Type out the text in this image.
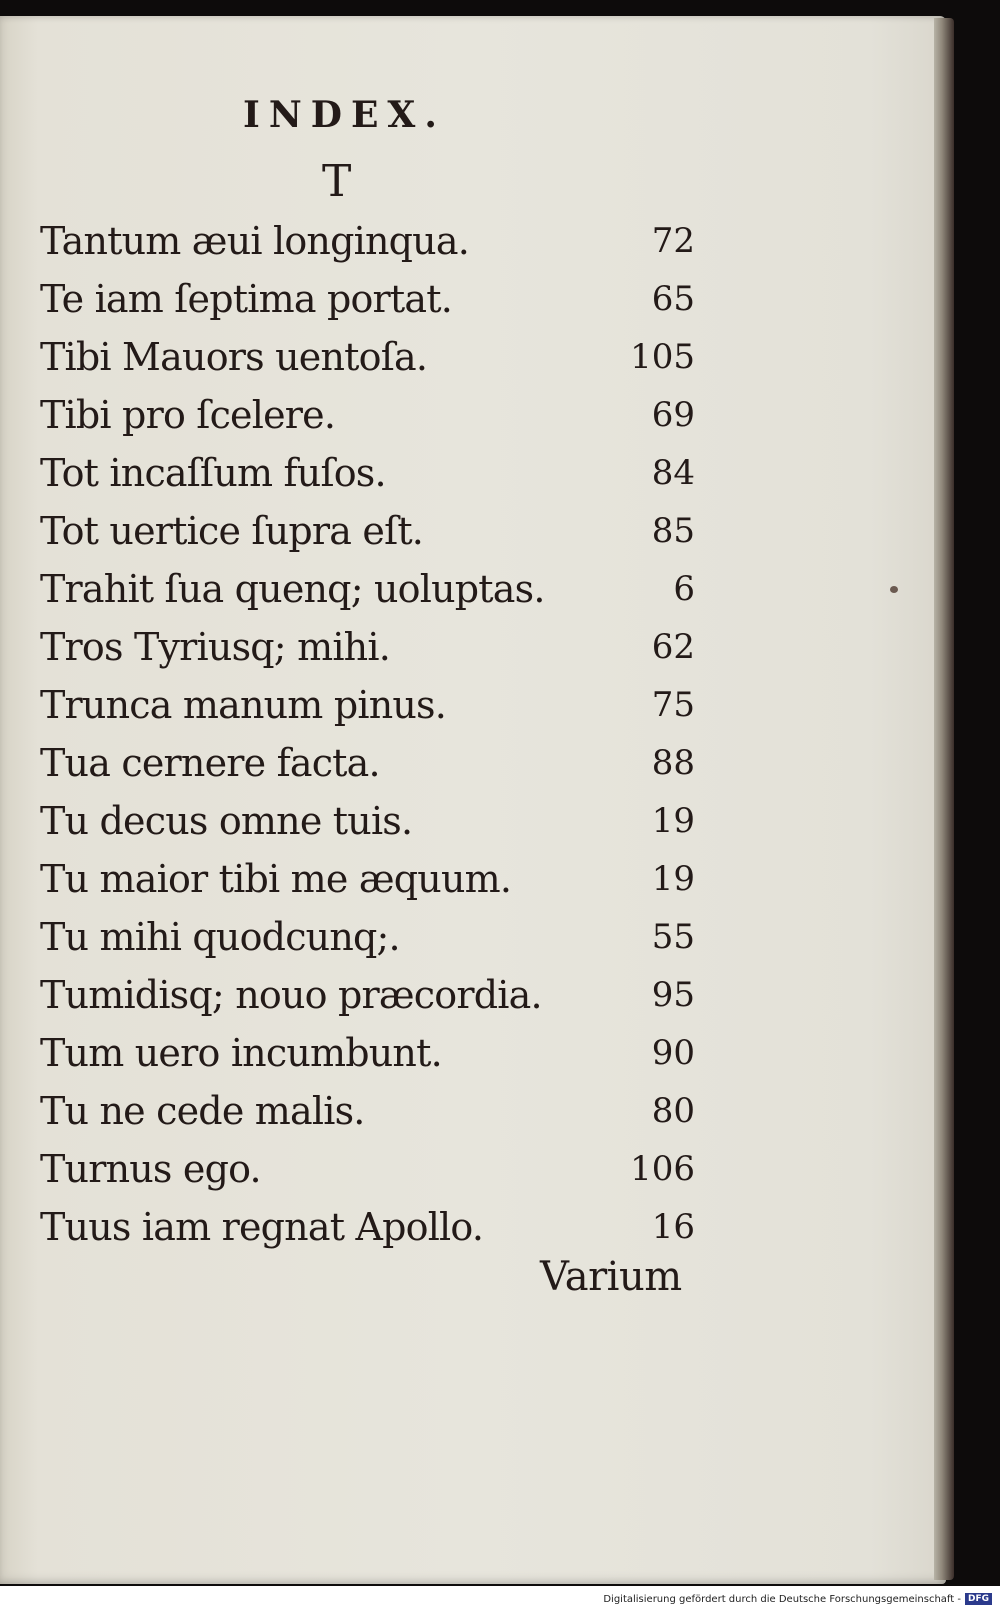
INDEX.
T
Tantum æui longinqua.	72
Te iam ſeptima portat.	65
Tibi Mauors uentoſa.	105
Tibi pro ſcelere.	69
Tot incaſſum fuſos.	84
Tot uertice ſupra eſt.	85
Trahit ſua quenq; uoluptas.	6
Tros Tyriusq; mihi.	62
Trunca manum pinus.	75
Tua cernere facta.	88
Tu decus omne tuis.	19
Tu maior tibi me æquum.	19
Tu mihi quodcunq;.	55
Tumidisq; nouo præcordia.	95
Tum uero incumbunt.	90
Tu ne cede malis.	80
Turnus ego.	106
Tuus iam regnat Apollo.	16
Varium
Digitalisierung gefördert durch die Deutsche Forschungsgemeinschaft - DFG
